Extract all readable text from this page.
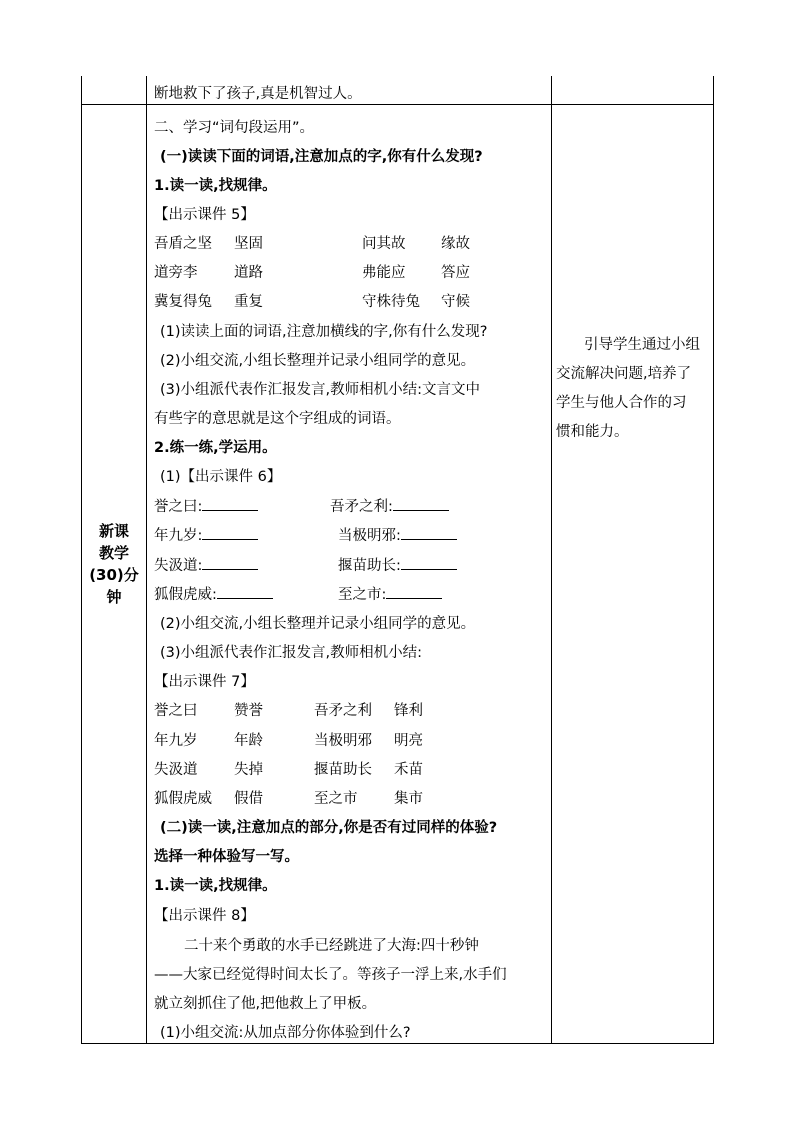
断地救下了孩子,真是机智过人。
新课
教学
(30)分
钟
引导学生通过小组
交流解决问题,培养了
学生与他人合作的习
惯和能力。
二、学习“词句段运用”。
(一)读读下面的词语,注意加点的字,你有什么发现?
1.读一读,找规律。
【出示课件 5】
吾盾之坚 坚固	问其故 缘故
道旁李	道路	弗能应 答应
冀复得兔 重复	守株待兔 守候
(1)读读上面的词语,注意加横线的字,你有什么发现?
(2)小组交流,小组长整理并记录小组同学的意见。
(3)小组派代表作汇报发言,教师相机小结:文言文中
有些字的意思就是这个字组成的词语。
2.练一练,学运用。
(1)【出示课件 6】
誉之曰:	吾矛之利:
年九岁:	当极明邪:
失汲道:	揠苗助长:
狐假虎威:	至之市:
(2)小组交流,小组长整理并记录小组同学的意见。
(3)小组派代表作汇报发言,教师相机小结:
【出示课件 7】
誉之曰	赞誉	吾矛之利 锋利
年九岁	年龄	当极明邪 明亮
失汲道	失掉	揠苗助长 禾苗
狐假虎威 假借	至之市	集市
(二)读一读,注意加点的部分,你是否有过同样的体验?
选择一种体验写一写。
1.读一读,找规律。
【出示课件 8】
二十来个勇敢的水手已经跳进了大海:四十秒钟
——大家已经觉得时间太长了。等孩子一浮上来,水手们
就立刻抓住了他,把他救上了甲板。
(1)小组交流:从加点部分你体验到什么?
